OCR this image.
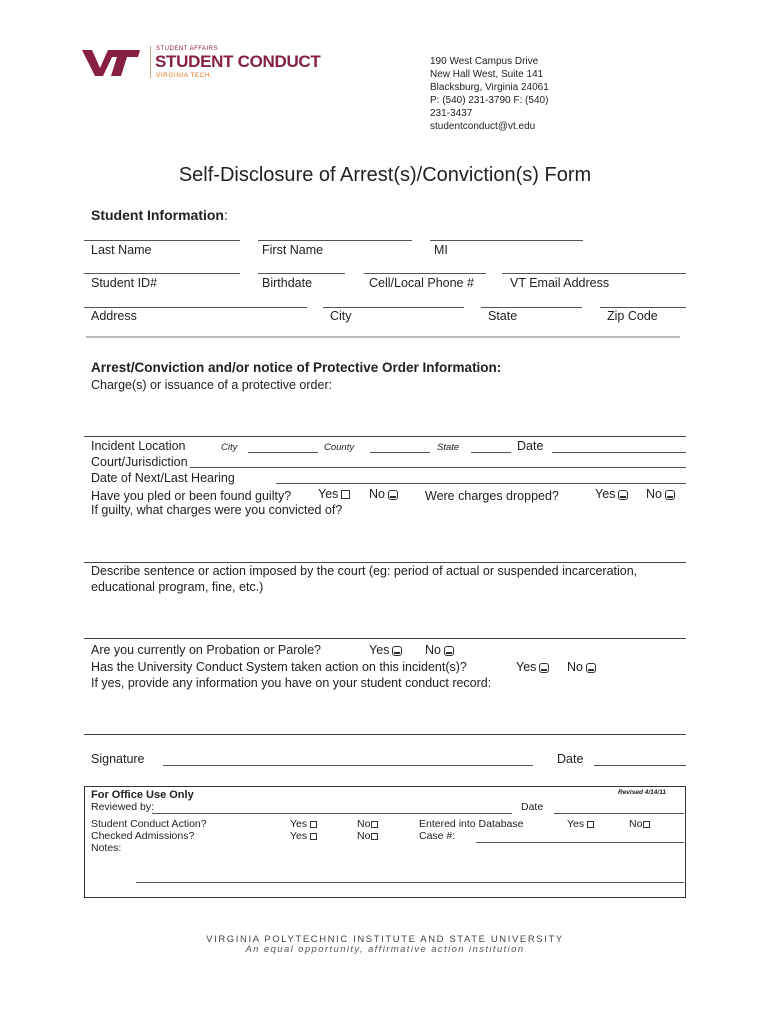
STUDENT AFFAIRS
STUDENT CONDUCT
VIRGINIA TECH.
190 West Campus Drive
New Hall West, Suite 141
Blacksburg, Virginia 24061
P: (540) 231-3790 F: (540)
231-3437
studentconduct@vt.edu
Self-Disclosure of Arrest(s)/Conviction(s) Form
Student Information:
Last Name	First Name	MI
Student ID#	Birthdate	Cell/Local Phone #	VT Email Address
Address	City	State	Zip Code
Arrest/Conviction and/or notice of Protective Order Information:
Charge(s) or issuance of a protective order:
Incident Location	City	County	State	Date
Court/Jurisdiction
Date of Next/Last Hearing
Have you pled or been found guilty? Yes	No	Were charges dropped?	Yes	No
If guilty, what charges were you convicted of?
Describe sentence or action imposed by the court (eg: period of actual or suspended incarceration,
educational program, fine, etc.)
Are you currently on Probation or Parole?	Yes	No
Has the University Conduct System taken action on this incident(s)?	Yes	No
If yes, provide any information you have on your student conduct record:
Signature	Date
For Office Use Only	Revised 4/14/11
Reviewed by:	Date
Student Conduct Action?	Yes	No	Entered into Database	Yes	No
Checked Admissions?	Yes	No	Case #:
Notes:
VIRGINIA POLYTECHNIC INSTITUTE AND STATE UNIVERSITY
An equal opportunity, affirmative action institution
